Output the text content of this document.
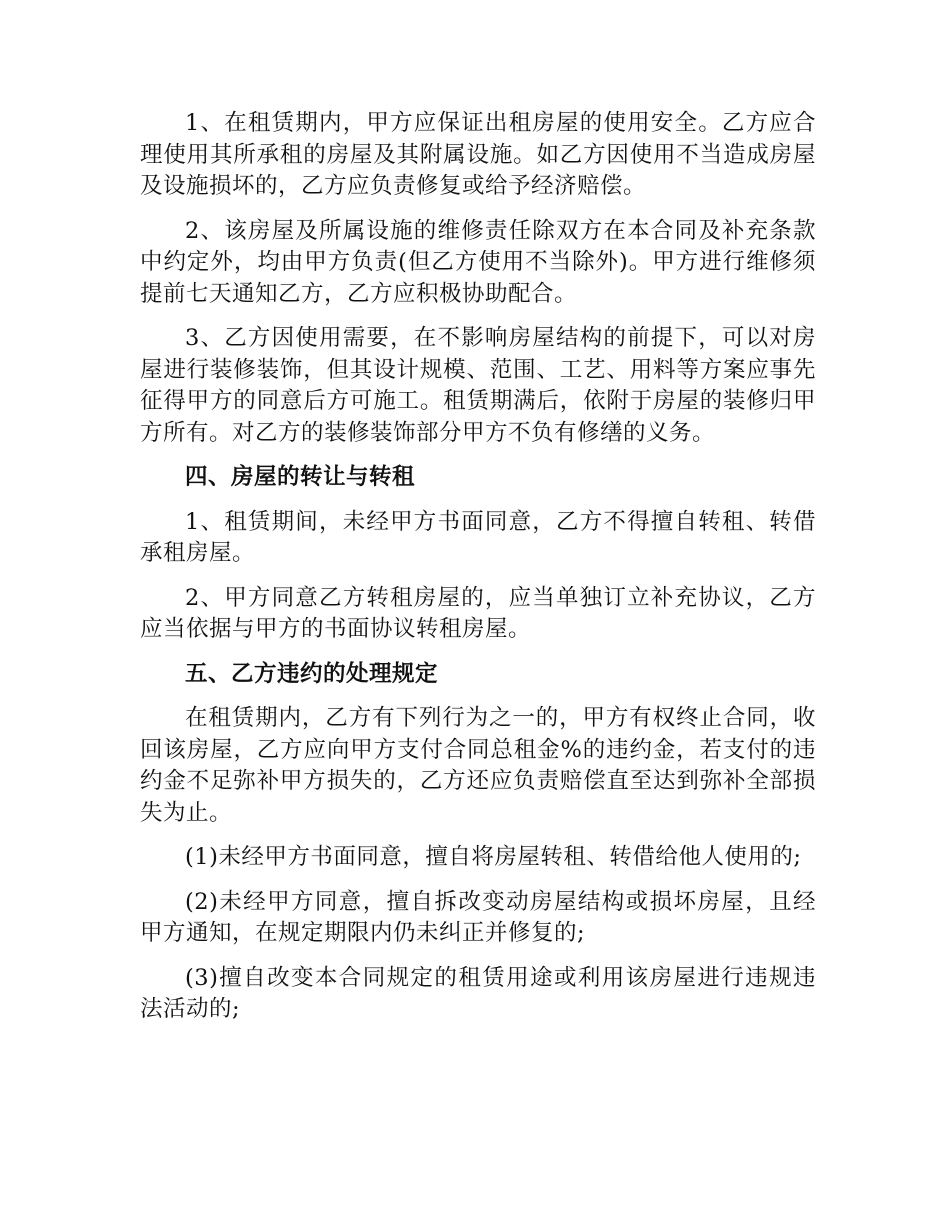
1、在租赁期内，甲方应保证出租房屋的使用安全。乙方应合理使用其所承租的房屋及其附属设施。如乙方因使用不当造成房屋及设施损坏的，乙方应负责修复或给予经济赔偿。

2、该房屋及所属设施的维修责任除双方在本合同及补充条款中约定外，均由甲方负责(但乙方使用不当除外)。甲方进行维修须提前七天通知乙方，乙方应积极协助配合。

3、乙方因使用需要，在不影响房屋结构的前提下，可以对房屋进行装修装饰，但其设计规模、范围、工艺、用料等方案应事先征得甲方的同意后方可施工。租赁期满后，依附于房屋的装修归甲方所有。对乙方的装修装饰部分甲方不负有修缮的义务。

四、房屋的转让与转租

1、租赁期间，未经甲方书面同意，乙方不得擅自转租、转借承租房屋。

2、甲方同意乙方转租房屋的，应当单独订立补充协议，乙方应当依据与甲方的书面协议转租房屋。

五、乙方违约的处理规定

在租赁期内，乙方有下列行为之一的，甲方有权终止合同，收回该房屋，乙方应向甲方支付合同总租金%的违约金，若支付的违约金不足弥补甲方损失的，乙方还应负责赔偿直至达到弥补全部损失为止。

(1)未经甲方书面同意，擅自将房屋转租、转借给他人使用的;

(2)未经甲方同意，擅自拆改变动房屋结构或损坏房屋，且经甲方通知，在规定期限内仍未纠正并修复的;

(3)擅自改变本合同规定的租赁用途或利用该房屋进行违规违法活动的;
